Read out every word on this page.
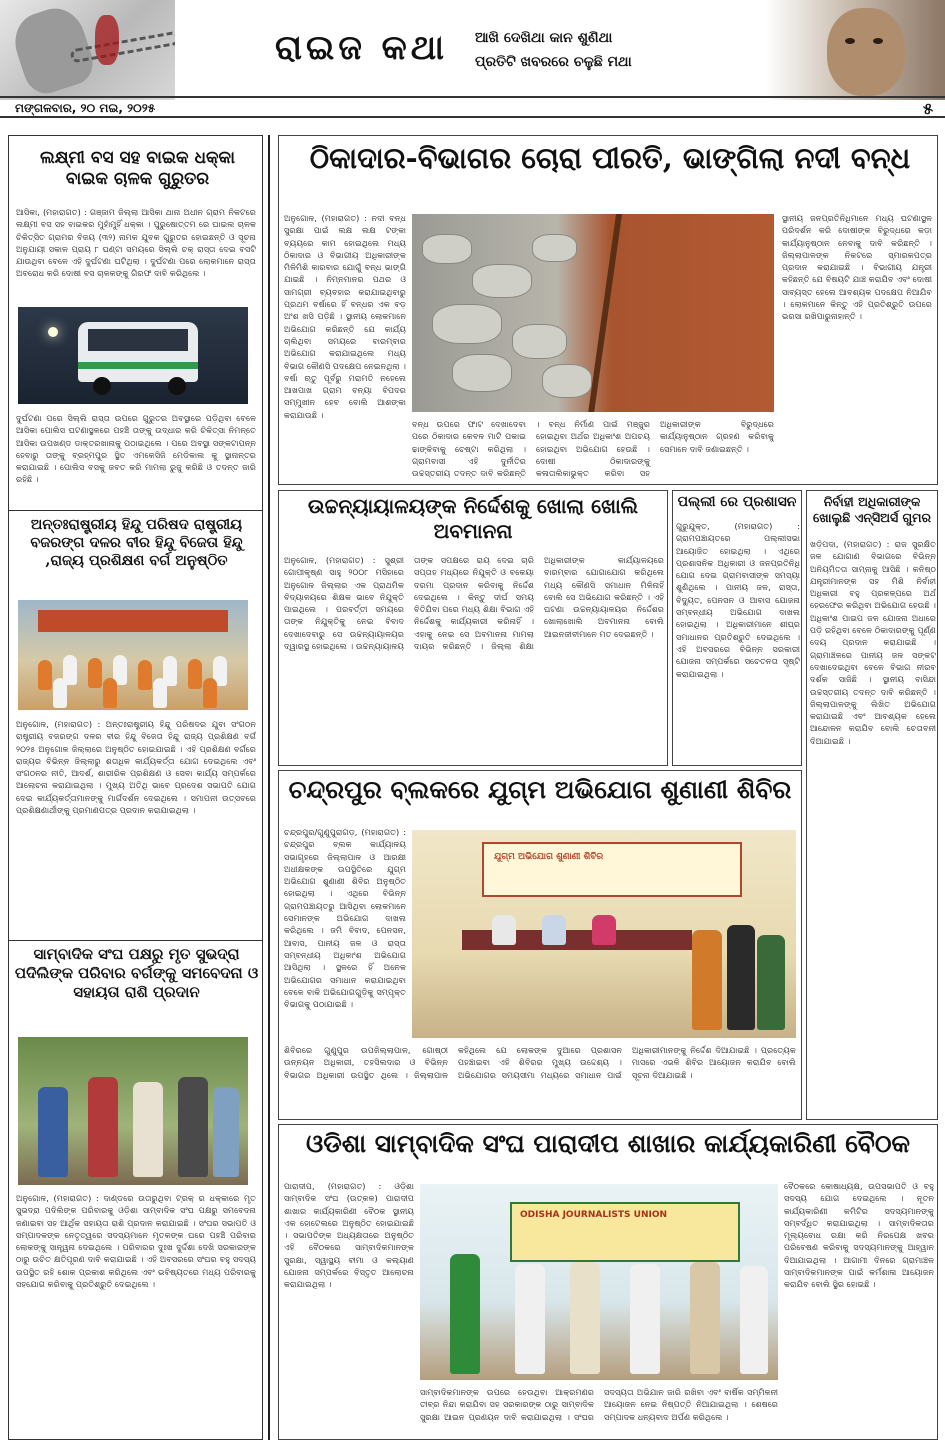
ରାଇଜ କଥା ଆଖି ଦେଖିଥା କାନ ଶୁଣିଥା
ପ୍ରତିଟି ଖବରରେ ଚଳୁଛି ମଥା
ମଙ୍ଗଳବାର, ୨୦ ମଇ, ୨୦୨୫	୫
ଲକ୍ଷ୍ମୀ ବସ ସହ ବାଇକ ଧକ୍କା ବାଇକ ଚାଳକ ଗୁରୁତର
ଆସିକା, (ମହାରାଗତ) : ଗଞ୍ଜାମ ଜିଲ୍ଲା ଆସିକା ଥାନା ଅଧୀନ ଗ୍ରାମ ନିକଟରେ ଲକ୍ଷ୍ମୀ ବସ ସହ ବାଇକର ମୁହାଁମୁହିଁ ଧକ୍କା । ପୁରୁଷୋତ୍ତମ ରେ ଘାଇଲ ଚାଳକ ଚିକିତ୍ସିତ ଗ୍ରାମର ବିଜୟ (୩୨) ନାମକ ଯୁବକ ଗୁରୁତର ହୋଇଛନ୍ତି ଓ ସୂଚନା ଅନୁଯାୟୀ ସକାଳ ପ୍ରାୟ ୮ ଘଣ୍ଟା ସମୟରେ ସିଲ୍ଲି ଚକ୍ ରାସ୍ତା ଦେଇ ବସଟି ଯାଉଥିବା ବେଳେ ଏହି ଦୁର୍ଘଟଣା ଘଟିଥିଲା । ଦୁର୍ଘଟଣା ପରେ ଲୋକମାନେ ରାସ୍ତା ଅବରୋଧ କରି ଦୋଷୀ ବସ ଚାଳକଙ୍କୁ ଗିରଫ ଦାବି କରିଥିଲେ ।
ଦୁର୍ଘଟଣା ପରେ ସିଲ୍ଲି ରାସ୍ତା ଉପରେ ଗୁରୁତର ଅବସ୍ଥାରେ ପଡ଼ିଥିବା ବେଳେ ଆସିକା ପୋଲିସ ଘଟଣାସ୍ଥଳରେ ପହଞ୍ଚି ତାଙ୍କୁ ଉଦ୍ଧାର କରି ଚିକିତ୍ସା ନିମନ୍ତେ ଆସିକା ଉପଖଣ୍ଡ ଡାକ୍ତରଖାନାକୁ ପଠାଇଥିଲେ । ପରେ ଅବସ୍ଥା ସଙ୍କଟାପନ୍ନ ହେବାରୁ ତାଙ୍କୁ ବ୍ରହ୍ମପୁର ସ୍ଥିତ ଏମକେସିଜି ମେଡିକାଲ କୁ ସ୍ଥାନାନ୍ତର କରାଯାଇଛି । ପୋଲିସ ବସକୁ ଜବତ କରି ମାମଲା ରୁଜୁ କରିଛି ଓ ତଦନ୍ତ ଜାରି ରହିଛି ।
ଅନ୍ତଃରାଷ୍ଟ୍ରୀୟ ହିନ୍ଦୁ ପରିଷଦ ରାଷ୍ଟ୍ରୀୟ ବଜରଙ୍ଗ ଦଳର ବୀର ହିନ୍ଦୁ ବିଜେତା ହିନ୍ଦୁ ,ରାଜ୍ୟ ପ୍ରଶିକ୍ଷଣ ବର୍ଗ ଅନୁଷ୍ଠିତ
ଅନୁଗୋଳ, (ମହାରାଗତ) : ଅନ୍ତଃରାଷ୍ଟ୍ରୀୟ ହିନ୍ଦୁ ପରିଷଦର ଯୁବା ସଂଗଠନ ରାଷ୍ଟ୍ରୀୟ ବଜରଙ୍ଗ ଦଳର ବୀର ହିନ୍ଦୁ ବିଜେତା ହିନ୍ଦୁ ରାଜ୍ୟ ପ୍ରଶିକ୍ଷଣ ବର୍ଗ ୨୦୨୫ ଅନୁଗୋଳ ଜିଲ୍ଲାରେ ଅନୁଷ୍ଠିତ ହୋଇଯାଇଛି । ଏହି ପ୍ରଶିକ୍ଷଣ ବର୍ଗରେ ରାଜ୍ୟର ବିଭିନ୍ନ ଜିଲ୍ଲାରୁ ଶତାଧିକ କାର୍ଯ୍ୟକର୍ତ୍ତା ଯୋଗ ଦେଇଥିଲେ ଏବଂ ସଂଗଠନର ନୀତି, ଆଦର୍ଶ, ଶାରୀରିକ ପ୍ରଶିକ୍ଷଣ ଓ ସେବା କାର୍ଯ୍ୟ ସମ୍ପର୍କରେ ଆଲୋଚନା କରାଯାଇଥିଲା । ମୁଖ୍ୟ ଅତିଥି ଭାବେ ପ୍ରଦେଶ ସଭାପତି ଯୋଗ ଦେଇ କାର୍ଯ୍ୟକର୍ତ୍ତାମାନଙ୍କୁ ମାର୍ଗଦର୍ଶନ ଦେଇଥିଲେ । ସମାପନୀ ଉତ୍ସବରେ ପ୍ରଶିକ୍ଷଣାର୍ଥୀଙ୍କୁ ପ୍ରମାଣପତ୍ର ପ୍ରଦାନ କରାଯାଇଥିଲା ।
ସାମ୍ବାଦିକ ସଂଘ ପକ୍ଷରୁ ମୃତ ସୁଭଦ୍ରା ପଦିଲିଙ୍କ ପରିବାର ବର୍ଗଙ୍କୁ ସମବେଦନା ଓ ସହାୟତା ରାଶି ପ୍ରଦାନ
ଅନୁଗୋଳ, (ମହାରାଗତ) : ଦାଣ୍ଡରେ ଉତାରୁଥିବା ଟ୍ରକ୍ ର ଧକ୍କାରେ ମୃତ ସୁଭଦ୍ରା ପଦିଲିଙ୍କ ପରିବାରକୁ ଓଡ଼ିଶା ସାମ୍ବାଦିକ ସଂଘ ପକ୍ଷରୁ ସମବେଦନା ଜଣାଇବା ସହ ଆର୍ଥିକ ସହାୟତା ରାଶି ପ୍ରଦାନ କରାଯାଇଛି । ସଂଘର ସଭାପତି ଓ ସମ୍ପାଦକଙ୍କ ନେତୃତ୍ୱରେ ସଦସ୍ୟମାନେ ମୃତକଙ୍କ ଘରେ ପହଞ୍ଚି ପରିବାର ଲୋକଙ୍କୁ ସାନ୍ତ୍ୱନା ଦେଇଥିଲେ । ପରିବାରର ଦୁଃଖ ଦୁର୍ଦ୍ଦଶା ଦେଖି ସରକାରଙ୍କ ଠାରୁ ଉଚିତ କ୍ଷତିପୂରଣ ଦାବି କରାଯାଇଛି । ଏହି ଅବସରରେ ସଂଘର ବହୁ ସଦସ୍ୟ ଉପସ୍ଥିତ ରହି ଶୋକ ପ୍ରକାଶ କରିଥିଲେ ଏବଂ ଭବିଷ୍ୟତରେ ମଧ୍ୟ ପରିବାରକୁ ସହଯୋଗ କରିବାକୁ ପ୍ରତିଶ୍ରୁତି ଦେଇଥିଲେ ।
ଠିକାଦାର-ବିଭାଗର ଚୋରା ପୀରତି, ଭାଙ୍ଗିଲା ନଦୀ ବନ୍ଧ
ଅନୁଗୋଳ, (ମହାରାଗତ) : ନଦୀ ବନ୍ଧ ସୁରକ୍ଷା ପାଇଁ ଲକ୍ଷ ଲକ୍ଷ ଟଙ୍କା ବ୍ୟୟରେ କାମ ହୋଇଥିଲେ ମଧ୍ୟ ଠିକାଦାର ଓ ବିଭାଗୀୟ ଅଧିକାରୀଙ୍କ ମିଳିମିଶି କାରବାର ଯୋଗୁଁ ବନ୍ଧ ଭାଙ୍ଗି ଯାଇଛି । ନିମ୍ନମାନର ପଥର ଓ ସାମଗ୍ରୀ ବ୍ୟବହାର କରାଯାଇଥିବାରୁ ପ୍ରଥମ ବର୍ଷାରେ ହିଁ ବନ୍ଧର ଏକ ବଡ଼ ଅଂଶ ଖସି ପଡ଼ିଛି । ସ୍ଥାନୀୟ ଲୋକମାନେ ଅଭିଯୋଗ କରିଛନ୍ତି ଯେ କାର୍ଯ୍ୟ ଚାଲିଥିବା ସମୟରେ ବାରମ୍ବାର ଅଭିଯୋଗ କରାଯାଇଥିଲେ ମଧ୍ୟ ବିଭାଗ କୌଣସି ପଦକ୍ଷେପ ନେଇନଥିଲା । ବର୍ଷା ଋତୁ ପୂର୍ବରୁ ମରାମତି ନହେଲେ ଆଖପାଖ ଗ୍ରାମ ବନ୍ୟା ବିପଦର ସମ୍ମୁଖୀନ ହେବ ବୋଲି ଆଶଙ୍କା କରାଯାଉଛି ।
ବନ୍ଧ ଉପରେ ଫାଟ ଦେଖାଦେବା ପରେ ଠିକାଦାର କେବଳ ମାଟି ପକାଇ ଢାଙ୍କିବାକୁ ଚେଷ୍ଟା କରିଥିଲା । ଗ୍ରାମବାସୀ ଏହି ଦୁର୍ନୀତିର ଉଚ୍ଚସ୍ତରୀୟ ତଦନ୍ତ ଦାବି କରିଛନ୍ତି । ବନ୍ଧ ନିର୍ମାଣ ପାଇଁ ମଞ୍ଜୁର ହୋଇଥିବା ଅର୍ଥର ଅଧିକାଂଶ ଅପଚୟ ହୋଇଥିବା ଅଭିଯୋଗ ହେଉଛି । ଦୋଷୀ ଠିକାଦାରଙ୍କୁ କଳାତାଲିକାଭୁକ୍ତ କରିବା ସହ ଅଧିକାରୀଙ୍କ ବିରୁଦ୍ଧରେ କାର୍ଯ୍ୟାନୁଷ୍ଠାନ ଗ୍ରହଣ କରିବାକୁ ସେମାନେ ଦାବି ଜଣାଇଛନ୍ତି ।
ସ୍ଥାନୀୟ ଜନପ୍ରତିନିଧିମାନେ ମଧ୍ୟ ଘଟଣାସ୍ଥଳ ପରିଦର୍ଶନ କରି ଦୋଷୀଙ୍କ ବିରୁଦ୍ଧରେ କଡ଼ା କାର୍ଯ୍ୟାନୁଷ୍ଠାନ ନେବାକୁ ଦାବି କରିଛନ୍ତି । ଜିଲ୍ଲାପାଳଙ୍କ ନିକଟରେ ସ୍ମାରକପତ୍ର ପ୍ରଦାନ କରାଯାଇଛି । ବିଭାଗୀୟ ଯନ୍ତ୍ରୀ କହିଛନ୍ତି ଯେ ବିଷୟଟି ଯାଞ୍ଚ କରାଯିବ ଏବଂ ଦୋଷୀ ସାବ୍ୟସ୍ତ ହେଲେ ଆବଶ୍ୟକ ପଦକ୍ଷେପ ନିଆଯିବ । ଲୋକମାନେ କିନ୍ତୁ ଏହି ପ୍ରତିଶ୍ରୁତି ଉପରେ ଭରସା ରଖିପାରୁନାହାନ୍ତି ।
ଉଚ୍ଚନ୍ୟାୟାଳୟଙ୍କ ନିର୍ଦ୍ଦେଶକୁ ଖୋଲା ଖୋଲି ଅବମାନନା
ଅନୁଗୋଳ, (ମହାରାଗତ) : ସୁଶ୍ରୀ ଗୋପୀକୃଷ୍ଣ ସାହୁ ୨୦୦୮ ମସିହାରେ ଅନୁଗୋଳ ଜିଲ୍ଲାର ଏକ ପ୍ରାଥମିକ ବିଦ୍ୟାଳୟରେ ଶିକ୍ଷକ ଭାବେ ନିଯୁକ୍ତି ପାଇଥିଲେ । ପରବର୍ତ୍ତୀ ସମୟରେ ତାଙ୍କ ନିଯୁକ୍ତିକୁ ନେଇ ବିବାଦ ଦେଖାଦେବାରୁ ସେ ଉଚ୍ଚନ୍ୟାୟାଳୟର ଦ୍ୱାରସ୍ଥ ହୋଇଥିଲେ । ଉଚ୍ଚନ୍ୟାୟାଳୟ ତାଙ୍କ ସପକ୍ଷରେ ରାୟ ଦେଇ ଚାରି ସପ୍ତାହ ମଧ୍ୟରେ ନିଯୁକ୍ତି ଓ ବକେୟା ଦରମା ପ୍ରଦାନ କରିବାକୁ ନିର୍ଦ୍ଦେଶ ଦେଇଥିଲେ । କିନ୍ତୁ ଦୀର୍ଘ ସମୟ ବିତିଯିବା ପରେ ମଧ୍ୟ ଶିକ୍ଷା ବିଭାଗ ଏହି ନିର୍ଦ୍ଦେଶକୁ କାର୍ଯ୍ୟକାରୀ କରିନାହିଁ । ଏହାକୁ ନେଇ ସେ ଅବମାନନା ମାମଲା ଦାୟର କରିଛନ୍ତି । ଜିଲ୍ଲା ଶିକ୍ଷା ଅଧିକାରୀଙ୍କ କାର୍ଯ୍ୟାଳୟରେ ବାରମ୍ବାର ଯୋଗାଯୋଗ କରିଥିଲେ ମଧ୍ୟ କୌଣସି ସମାଧାନ ମିଳିନାହିଁ ବୋଲି ସେ ଅଭିଯୋଗ କରିଛନ୍ତି । ଏହି ଘଟଣା ଉଚ୍ଚନ୍ୟାୟାଳୟର ନିର୍ଦ୍ଦେଶର ଖୋଲାଖୋଲି ଅବମାନନା ବୋଲି ଆଇନଜୀବୀମାନେ ମତ ଦେଇଛନ୍ତି ।
ପଲ୍ଲୀ ରେ ପ୍ରଶାସନ
ଗୁରୁଯୁକ୍ତ, (ମହାରାଗତ) : ଗ୍ରାମପଞ୍ଚାୟତରେ ପଲ୍ଲୀସଭା ଆୟୋଜିତ ହୋଇଥିଲା । ଏଥିରେ ପ୍ରଶାସନିକ ଅଧିକାରୀ ଓ ଜନପ୍ରତିନିଧି ଯୋଗ ଦେଇ ଗ୍ରାମବାସୀଙ୍କ ସମସ୍ୟା ଶୁଣିଥିଲେ । ପାନୀୟ ଜଳ, ରାସ୍ତା, ବିଦ୍ୟୁତ, ପେନସନ ଓ ଆବାସ ଯୋଜନା ସମ୍ବନ୍ଧୀୟ ଅଭିଯୋଗ ଦାଖଲ ହୋଇଥିଲା । ଅଧିକାରୀମାନେ ଶୀଘ୍ର ସମାଧାନର ପ୍ରତିଶ୍ରୁତି ଦେଇଥିଲେ । ଏହି ଅବସରରେ ବିଭିନ୍ନ ସରକାରୀ ଯୋଜନା ସମ୍ପର୍କରେ ସଚେତନତା ସୃଷ୍ଟି କରାଯାଇଥିଲା ।
ନିର୍ବାହୀ ଅଧିକାରୀଙ୍କ ଖୋଲୁଛି ଏନ୍‌ସିଅର୍ସ ଗୁମର
ଖଡ଼ିପଦା, (ମହାରାଗତ) : ରାଜ ସୁରକ୍ଷିତ ଜଳ ଯୋଗାଣ ବିଭାଗରେ ବିଭିନ୍ନ ଅନିୟମିତତା ସାମ୍ନାକୁ ଆସିଛି । କନିଷ୍ଠ ଯନ୍ତ୍ରୀମାନଙ୍କ ସହ ମିଶି ନିର୍ବାହୀ ଅଧିକାରୀ ବହୁ ପ୍ରକଳ୍ପରେ ଅର୍ଥ ହେରଫେର କରିଥିବା ଅଭିଯୋଗ ହେଉଛି । ଅଧିକାଂଶ ପାଇପ ଜଳ ଯୋଜନା ଅଧାରେ ପଡ଼ି ରହିଥିବା ବେଳେ ଠିକାଦାରଙ୍କୁ ପୂର୍ଣ୍ଣ ଦେୟ ପ୍ରଦାନ କରାଯାଇଛି । ଗ୍ରାମାଞ୍ଚଳରେ ପାନୀୟ ଜଳ ସଙ୍କଟ ଦେଖାଦେଇଥିବା ବେଳେ ବିଭାଗ ନୀରବ ଦର୍ଶକ ସାଜିଛି । ସ୍ଥାନୀୟ ବାସିନ୍ଦା ଉଚ୍ଚସ୍ତରୀୟ ତଦନ୍ତ ଦାବି କରିଛନ୍ତି । ଜିଲ୍ଲାପାଳଙ୍କୁ ଲିଖିତ ଅଭିଯୋଗ କରାଯାଇଛି ଏବଂ ଆବଶ୍ୟକ ହେଲେ ଆନ୍ଦୋଳନ କରାଯିବ ବୋଲି ଚେତାବନୀ ଦିଆଯାଇଛି ।
ଚନ୍ଦ୍ରପୁର ବ୍ଲକରେ ଯୁଗ୍ମ ଅଭିଯୋଗ ଶୁଣାଣୀ ଶିବିର
ଚନ୍ଦ୍ରପୁର/ଗୁଣୁପୁରାଗଡ଼, (ମହାରାଗତ) : ଚନ୍ଦ୍ରପୁର ବ୍ଲକ କାର୍ଯ୍ୟାଳୟ ସଭାଗୃହରେ ଜିଲ୍ଲାପାଳ ଓ ଆରକ୍ଷୀ ଅଧୀକ୍ଷକଙ୍କ ଉପସ୍ଥିତିରେ ଯୁଗ୍ମ ଅଭିଯୋଗ ଶୁଣାଣୀ ଶିବିର ଅନୁଷ୍ଠିତ ହୋଇଥିଲା । ଏଥିରେ ବିଭିନ୍ନ ଗ୍ରାମପଞ୍ଚାୟତରୁ ଆସିଥିବା ଲୋକମାନେ ସେମାନଙ୍କ ଅଭିଯୋଗ ଦାଖଲ କରିଥିଲେ । ଜମି ବିବାଦ, ପେନସନ, ଆବାସ, ପାନୀୟ ଜଳ ଓ ରାସ୍ତା ସମ୍ବନ୍ଧୀୟ ଅଧିକାଂଶ ଅଭିଯୋଗ ଆସିଥିଲା । ସ୍ଥଳରେ ହିଁ ଅନେକ ଅଭିଯୋଗର ସମାଧାନ କରାଯାଇଥିବା ବେଳେ ବାକି ଅଭିଯୋଗଗୁଡ଼ିକୁ ସମ୍ପୃକ୍ତ ବିଭାଗକୁ ପଠାଯାଇଛି ।
ଯୁଗ୍ମ ଅଭିଯୋଗ ଶୁଣାଣୀ ଶିବିର
ଶିବିରରେ ଗୁଣୁପୁର ଉପଜିଲ୍ଲାପାଳ, ଗୋଷ୍ଠୀ ଉନ୍ନୟନ ଅଧିକାରୀ, ତହସିଲଦାର ଓ ବିଭିନ୍ନ ବିଭାଗର ଅଧିକାରୀ ଉପସ୍ଥିତ ଥିଲେ । ଜିଲ୍ଲାପାଳ କହିଥିଲେ ଯେ ଲୋକଙ୍କ ଦୁଆରେ ପ୍ରଶାସନ ପହଞ୍ଚାଇବା ଏହି ଶିବିରର ମୁଖ୍ୟ ଉଦ୍ଦେଶ୍ୟ । ଅଭିଯୋଗର ସମୟସୀମା ମଧ୍ୟରେ ସମାଧାନ ପାଇଁ ଅଧିକାରୀମାନଙ୍କୁ ନିର୍ଦ୍ଦେଶ ଦିଆଯାଇଛି । ପ୍ରତ୍ୟେକ ମାସରେ ଏଭଳି ଶିବିର ଆୟୋଜନ କରାଯିବ ବୋଲି ସୂଚନା ଦିଆଯାଇଛି ।
ଓଡିଶା ସାମ୍ବାଦିକ ସଂଘ ପାରାଦୀପ ଶାଖାର କାର୍ଯ୍ୟକାରିଣୀ ବୈଠକ
ପାରାଦୀପ, (ମହାରାଗତ) : ଓଡ଼ିଶା ସାମ୍ବାଦିକ ସଂଘ (ଉତ୍କଳ) ପାରାଦୀପ ଶାଖାର କାର୍ଯ୍ୟକାରିଣୀ ବୈଠକ ସ୍ଥାନୀୟ ଏକ ହୋଟେଲରେ ଅନୁଷ୍ଠିତ ହୋଇଯାଇଛି । ସଭାପତିଙ୍କ ଅଧ୍ୟକ୍ଷତାରେ ଅନୁଷ୍ଠିତ ଏହି ବୈଠକରେ ସାମ୍ବାଦିକମାନଙ୍କ ସୁରକ୍ଷା, ସ୍ୱାସ୍ଥ୍ୟ ବୀମା ଓ କଲ୍ୟାଣ ଯୋଜନା ସମ୍ପର୍କରେ ବିସ୍ତୃତ ଆଲୋଚନା କରାଯାଇଥିଲା ।
ODISHA JOURNALISTS UNION
ସାମ୍ବାଦିକମାନଙ୍କ ଉପରେ ହେଉଥିବା ଆକ୍ରମଣର ତୀବ୍ର ନିନ୍ଦା କରାଯିବା ସହ ସରକାରଙ୍କ ଠାରୁ ସାମ୍ବାଦିକ ସୁରକ୍ଷା ଆଇନ ପ୍ରଣୟନ ଦାବି କରାଯାଇଥିଲା । ସଂଘର ସଦସ୍ୟତା ଅଭିଯାନ ଜାରି ରଖିବା ଏବଂ ବାର୍ଷିକ ସମ୍ମିଳନୀ ଆୟୋଜନ ନେଇ ନିଷ୍ପତ୍ତି ନିଆଯାଇଥିଲା । ଶେଷରେ ସମ୍ପାଦକ ଧନ୍ୟବାଦ ଅର୍ପଣ କରିଥିଲେ ।
ବୈଠକରେ କୋଷାଧ୍ୟକ୍ଷ, ଉପସଭାପତି ଓ ବହୁ ସଦସ୍ୟ ଯୋଗ ଦେଇଥିଲେ । ନୂତନ କାର୍ଯ୍ୟକାରିଣୀ କମିଟିର ସଦସ୍ୟମାନଙ୍କୁ ସମ୍ବର୍ଦ୍ଧିତ କରାଯାଇଥିଲା । ସାମ୍ବାଦିକତାର ମୂଲ୍ୟବୋଧ ରକ୍ଷା କରି ନିରପେକ୍ଷ ଖବର ପରିବେଷଣ କରିବାକୁ ସଦସ୍ୟମାନଙ୍କୁ ଆହ୍ୱାନ ଦିଆଯାଇଥିଲା । ଆଗାମୀ ଦିନରେ ଗ୍ରାମାଞ୍ଚଳ ସାମ୍ବାଦିକମାନଙ୍କ ପାଇଁ କର୍ମଶାଳା ଆୟୋଜନ କରାଯିବ ବୋଲି ସ୍ଥିର ହୋଇଛି ।
